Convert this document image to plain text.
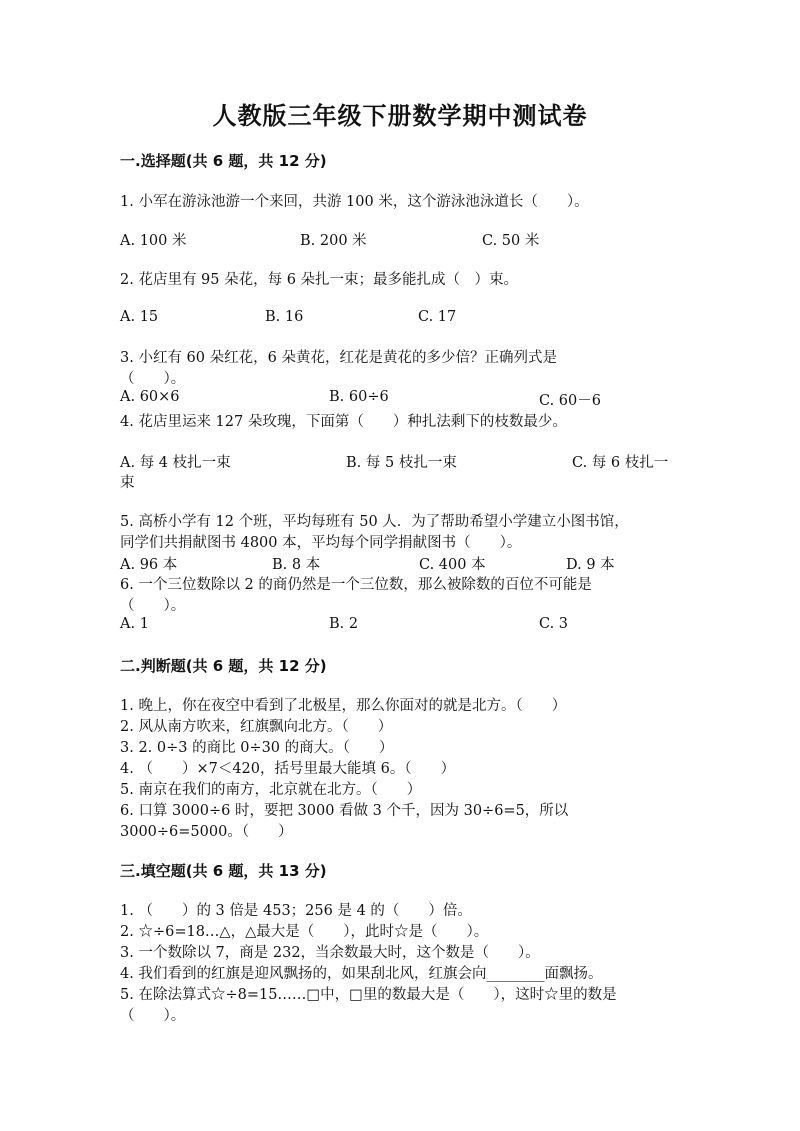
人教版三年级下册数学期中测试卷
一.选择题(共 6 题，共 12 分)
1. 小军在游泳池游一个来回，共游 100 米，这个游泳池泳道长（　　）。
A. 100 米	B. 200 米	C. 50 米
2. 花店里有 95 朵花，每 6 朵扎一束；最多能扎成（　）束。
A. 15	B. 16	C. 17
3. 小红有 60 朵红花，6 朵黄花，红花是黄花的多少倍？正确列式是
（　　）。
A. 60×6	B. 60÷6	C. 60－6
4. 花店里运来 127 朵玫瑰，下面第（　　）种扎法剩下的枝数最少。
A. 每 4 枝扎一束	B. 每 5 枝扎一束	C. 每 6 枝扎一
束
5. 高桥小学有 12 个班，平均每班有 50 人．为了帮助希望小学建立小图书馆，
同学们共捐献图书 4800 本，平均每个同学捐献图书（　　）。
A. 96 本	B. 8 本	C. 400 本	D. 9 本
6. 一个三位数除以 2 的商仍然是一个三位数，那么被除数的百位不可能是
（　　）。
A. 1	B. 2	C. 3
二.判断题(共 6 题，共 12 分)
1. 晚上，你在夜空中看到了北极星，那么你面对的就是北方。（　　）
2. 风从南方吹来，红旗飘向北方。（　　）
3. 2. 0÷3 的商比 0÷30 的商大。（　　）
4. （　　）×7＜420，括号里最大能填 6。（　　）
5. 南京在我们的南方，北京就在北方。（　　）
6. 口算 3000÷6 时，要把 3000 看做 3 个千，因为 30÷6=5，所以
3000÷6=5000。（　　）
三.填空题(共 6 题，共 13 分)
1. （　　）的 3 倍是 453；256 是 4 的（　　）倍。
2. ☆÷6=18…△，△最大是（　　），此时☆是（　　）。
3. 一个数除以 7，商是 232，当余数最大时，这个数是（　　）。
4. 我们看到的红旗是迎风飘扬的，如果刮北风，红旗会向________面飘扬。
5. 在除法算式☆÷8=15……□中，□里的数最大是（　　），这时☆里的数是
（　　）。
